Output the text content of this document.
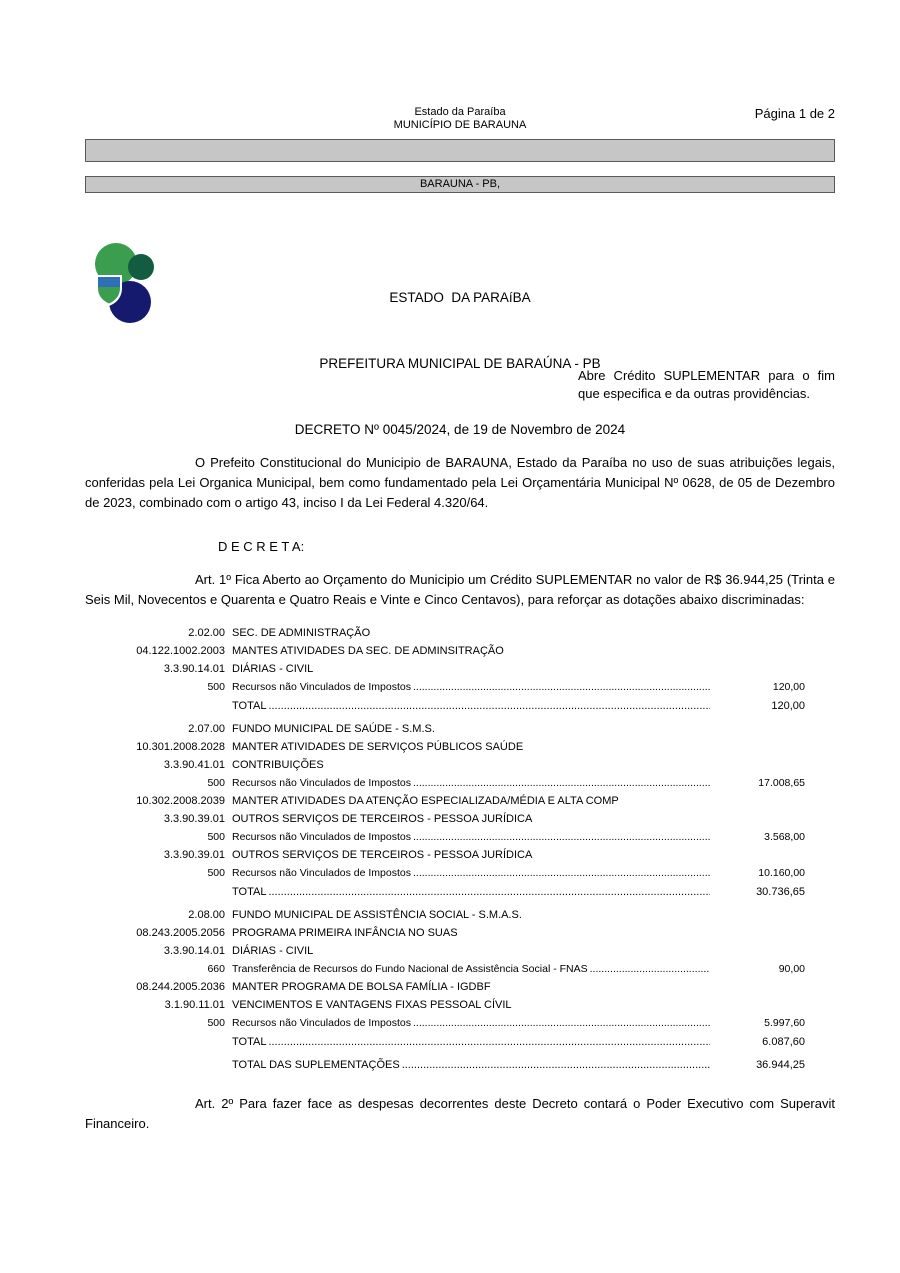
Estado da Paraíba
MUNICÍPIO DE BARAUNA
Página 1 de 2
BARAUNA - PB,

ESTADO  DA PARAíBA

PREFEITURA MUNICIPAL DE BARAÚNA - PB

DECRETO Nº 0045/2024, de 19 de Novembro de 2024

Abre Crédito SUPLEMENTAR para o fim que especifica e da outras providências.

O Prefeito Constitucional do Municipio de BARAUNA, Estado da Paraíba no uso de suas atribuições legais, conferidas pela Lei Organica Municipal, bem como fundamentado pela Lei Orçamentária Municipal Nº 0628, de 05 de Dezembro de 2023, combinado com o artigo 43, inciso I da Lei Federal 4.320/64.

D E C R E T A:

Art. 1º Fica Aberto ao Orçamento do Municipio um Crédito SUPLEMENTAR no valor de R$ 36.944,25 (Trinta e Seis Mil, Novecentos e Quarenta e Quatro Reais e Vinte e Cinco Centavos), para reforçar as dotações abaixo discriminadas:

2.02.00 SEC. DE ADMINISTRAÇÃO
04.122.1002.2003 MANTES ATIVIDADES DA SEC. DE ADMINSITRAÇÃO
3.3.90.14.01 DIÁRIAS - CIVIL
500 Recursos não Vinculados de Impostos .....	120,00
TOTAL .....	120,00
2.07.00 FUNDO MUNICIPAL DE SAÚDE - S.M.S.
10.301.2008.2028 MANTER ATIVIDADES DE SERVIÇOS PÚBLICOS SAÚDE
3.3.90.41.01 CONTRIBUIÇÕES
500 Recursos não Vinculados de Impostos .....	17.008,65
10.302.2008.2039 MANTER ATIVIDADES DA ATENÇÃO ESPECIALIZADA/MÉDIA E ALTA COMP
3.3.90.39.01 OUTROS SERVIÇOS DE TERCEIROS - PESSOA JURÍDICA
500 Recursos não Vinculados de Impostos .....	3.568,00
3.3.90.39.01 OUTROS SERVIÇOS DE TERCEIROS - PESSOA JURÍDICA
500 Recursos não Vinculados de Impostos .....	10.160,00
TOTAL .....	30.736,65
2.08.00 FUNDO MUNICIPAL DE ASSISTÊNCIA SOCIAL - S.M.A.S.
08.243.2005.2056 PROGRAMA PRIMEIRA INFÂNCIA NO SUAS
3.3.90.14.01 DIÁRIAS - CIVIL
660 Transferência de Recursos do Fundo Nacional de Assistência Social - FNAS .....	90,00
08.244.2005.2036 MANTER PROGRAMA DE BOLSA FAMÍLIA - IGDBF
3.1.90.11.01 VENCIMENTOS E VANTAGENS FIXAS PESSOAL CÍVIL
500 Recursos não Vinculados de Impostos .....	5.997,60
TOTAL .....	6.087,60
TOTAL DAS SUPLEMENTAÇÕES .....	36.944,25

Art. 2º Para fazer face as despesas decorrentes deste Decreto contará o Poder Executivo com Superavit Financeiro.
